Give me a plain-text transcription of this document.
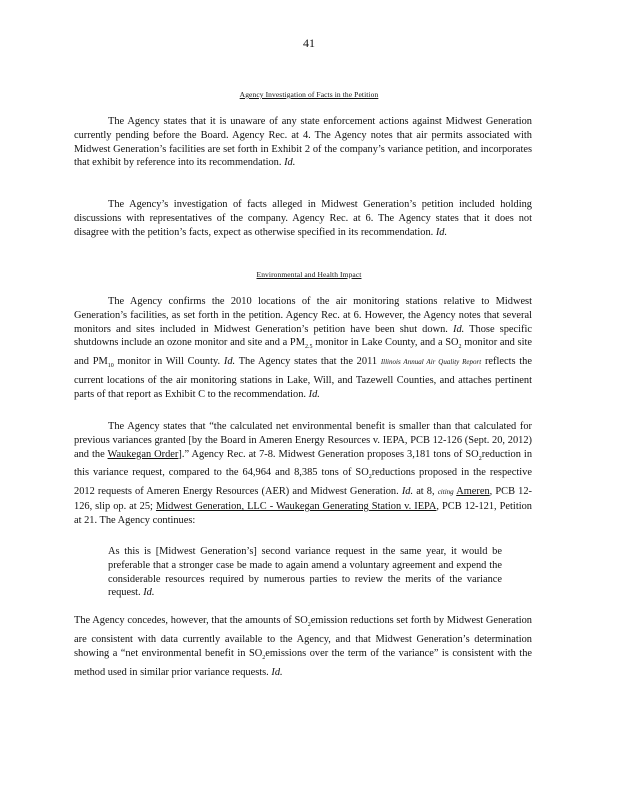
41
Agency Investigation of Facts in the Petition

The Agency states that it is unaware of any state enforcement actions against Midwest Generation currently pending before the Board. Agency Rec. at 4. The Agency notes that air permits associated with Midwest Generation’s facilities are set forth in Exhibit 2 of the company’s variance petition, and incorporates that exhibit by reference into its recommendation. Id.

The Agency’s investigation of facts alleged in Midwest Generation’s petition included holding discussions with representatives of the company. Agency Rec. at 6. The Agency states that it does not disagree with the petition’s facts, expect as otherwise specified in its recommendation. Id.

Environmental and Health Impact

The Agency confirms the 2010 locations of the air monitoring stations relative to Midwest Generation’s facilities, as set forth in the petition. Agency Rec. at 6. However, the Agency notes that several monitors and sites included in Midwest Generation’s petition have been shut down. Id. Those specific shutdowns include an ozone monitor and site and a $PM_{2.5}$ monitor in Lake County, and a $SO_2$ monitor and site and $PM_{10}$ monitor in Will County. Id. The Agency states that the 2011 Illinois Annual Air Quality Report reflects the current locations of the air monitoring stations in Lake, Will, and Tazewell Counties, and attaches pertinent parts of that report as Exhibit C to the recommendation. Id.

The Agency states that “the calculated net environmental benefit is smaller than that calculated for previous variances granted [by the Board in Ameren Energy Resources v. IEPA, PCB 12-126 (Sept. 20, 2012) and the Waukegan Order].” Agency Rec. at 7-8. Midwest Generation proposes 3,181 tons of $SO_2reduction$ in this variance request, compared to the 64,964 and 8,385 tons of $SO_2reductions$ proposed in the respective 2012 requests of Ameren Energy Resources (AER) and Midwest Generation. Id. at 8, citing Ameren, PCB 12-126, slip op. at 25; Midwest Generation, LLC - Waukegan Generating Station v. IEPA, PCB 12-121, Petition at 21. The Agency continues:

As this is [Midwest Generation’s] second variance request in the same year, it would be preferable that a stronger case be made to again amend a voluntary agreement and expend the considerable resources required by numerous parties to review the merits of the variance request. Id.

The Agency concedes, however, that the amounts of $SO_2emission$ reductions set forth by Midwest Generation are consistent with data currently available to the Agency, and that Midwest Generation’s determination showing a “net environmental benefit in $SO_2emissions$ over the term of the variance” is consistent with the method used in similar prior variance requests. Id.
